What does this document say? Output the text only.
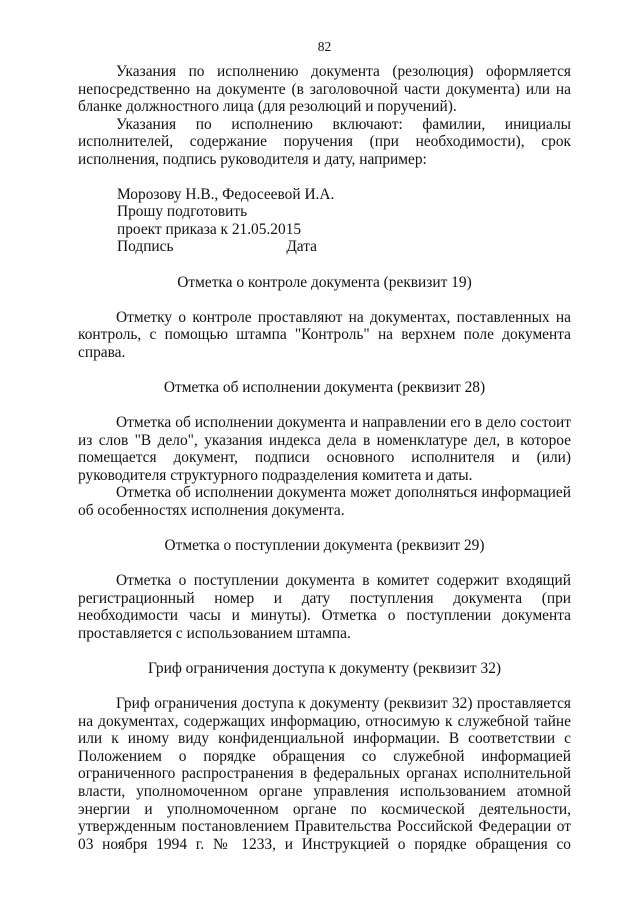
82

Указания по исполнению документа (резолюция) оформляется непосредственно на документе (в заголовочной части документа) или на бланке должностного лица (для резолюций и поручений).

Указания по исполнению включают: фамилии, инициалы исполнителей, содержание поручения (при необходимости), срок исполнения, подпись руководителя и дату, например:

Морозову Н.В., Федосеевой И.А.
Прошу подготовить
проект приказа к 21.05.2015
Подпись	Дата
Отметка о контроле документа (реквизит 19)

Отметку о контроле проставляют на документах, поставленных на контроль, с помощью штампа "Контроль" на верхнем поле документа справа.

Отметка об исполнении документа (реквизит 28)

Отметка об исполнении документа и направлении его в дело состоит из слов "В дело", указания индекса дела в номенклатуре дел, в которое помещается документ, подписи основного исполнителя и (или) руководителя структурного подразделения комитета и даты.

Отметка об исполнении документа может дополняться информацией об особенностях исполнения документа.

Отметка о поступлении документа (реквизит 29)

Отметка о поступлении документа в комитет содержит входящий регистрационный номер и дату поступления документа (при необходимости часы и минуты). Отметка о поступлении документа проставляется с использованием штампа.

Гриф ограничения доступа к документу (реквизит 32)

Гриф ограничения доступа к документу (реквизит 32) проставляется на документах, содержащих информацию, относимую к служебной тайне или к иному виду конфиденциальной информации. В соответствии с Положением о порядке обращения со служебной информацией ограниченного распространения в федеральных органах исполнительной власти, уполномоченном органе управления использованием атомной энергии и уполномоченном органе по космической деятельности, утвержденным постановлением Правительства Российской Федерации от 03 ноября 1994 г. № 1233, и Инструкцией о порядке обращения со
